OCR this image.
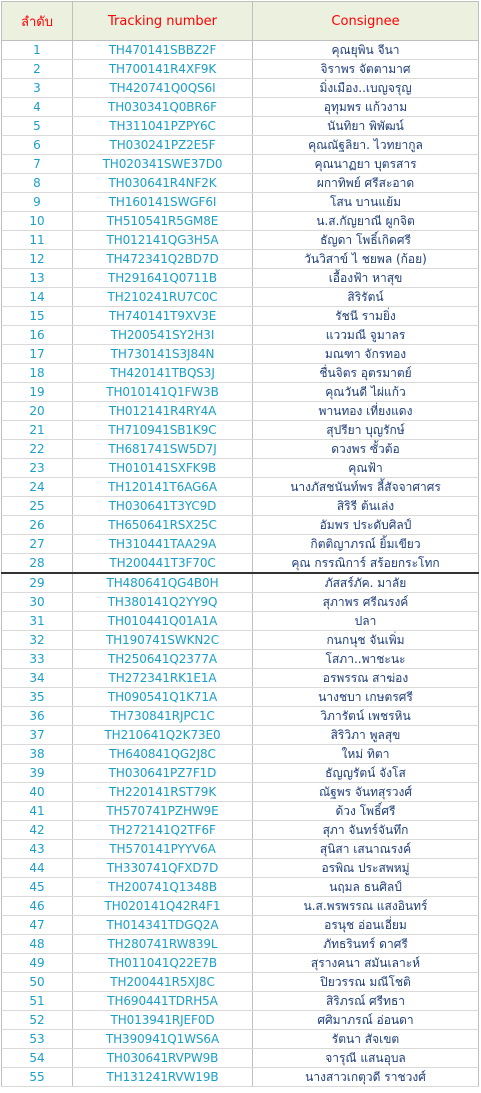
ลำดับ	Tracking number	Consignee
1	TH470141SBBZ2F	คุณยุพิน จีนา
2	TH700141R4XF9K	จิราพร จัตตามาศ
3	TH420741Q0QS6I	มิ่งเมือง..เบญจรุญ
4	TH030341Q0BR6F	อุทุมพร แก้วงาม
5	TH311041PZPY6C	นันทิยา พิพัฒน์
6	TH030241PZ2E5F	คุณณัฐลิยา. ไวทยากูล
7	TH020341SWE37D0	คุณนาฏยา บุตรสาร
8	TH030641R4NF2K	ผกาทิพย์ ศรีสะอาด
9	TH160141SWGF6I	โสน บานแย้ม
10	TH510541R5GM8E	น.ส.กัญยาณี ผูกจิต
11	TH012141QG3H5A	ธัญดา โพธิ์เกิดศรี
12	TH472341Q2BD7D	วันวิสาข์ ไ ชยพล (ก้อย)
13	TH291641Q0711B	เอื้องฟ้า หาสุข
14	TH210241RU7C0C	สิริรัตน์
15	TH740141T9XV3E	รัชนี รามยิ่ง
16	TH200541SY2H3I	แววมณี จูมาลร
17	TH730141S3J84N	มณฑา จักรทอง
18	TH420141TBQS3J	ชื่นจิตร อุตรมาตย์
19	TH010141Q1FW3B	คุณวันดี ไผ่แก้ว
20	TH012141R4RY4A	พานทอง เที่ยงแดง
21	TH710941SB1K9C	สุปรียา บุญรักษ์
22	TH681741SW5D7J	ดวงพร ซั้วต้อ
23	TH010141SXFK9B	คุณฟ้า
24	TH120141T6AG6A	นางภัสชนันท์พร ลี้สัจจาศาศร
25	TH030641T3YC9D	สิริรี ต้นเล่ง
26	TH650641RSX25C	อัมพร ประดับศิลป์
27	TH310441TAA29A	กิตติญาภรณ์ ยิ้มเขียว
28	TH200441T3F70C	คุณ กรรณิการ์ สร้อยกระโทก
29	TH480641QG4B0H	ภัสสร์ภัค. มาลัย
30	TH380141Q2YY9Q	สุภาพร ศรีณรงค์
31	TH010441Q01A1A	ปลา
32	TH190741SWKN2C	กนกนุช จันเพิ่ม
33	TH250641Q2377A	โสภา..พาชะนะ
34	TH272341RK1E1A	อรพรรณ สาฆ่อง
35	TH090541Q1K71A	นางชบา เกษตรศรี
36	TH730841RJPC1C	วิภารัตน์ เพชรหิน
37	TH210641Q2K73E0	สิริวิภา พูลสุข
38	TH640841QG2J8C	ใหม่ ทิตา
39	TH030641PZ7F1D	ธัญญรัตน์ จังโส
40	TH220141RST79K	ณัฐพร จันทสุรวงศ์
41	TH570741PZHW9E	ด้วง โพธิ์ศรี
42	TH272141Q2TF6F	สุภา จันทร์จันทึก
43	TH570141PYYV6A	สุนิสา เสนาณรงค์
44	TH330741QFXD7D	อรพิณ ประสพหมู่
45	TH200741Q1348B	นฤมล ธนศิลป์
46	TH020141Q42R4F1	น.ส.พรพรรณ แสงอินทร์
47	TH014341TDGQ2A	อรนุช อ่อนเอี่ยม
48	TH280741RW839L	ภัทธรินทร์ ดาศรี
49	TH011041Q22E7B	สุรางคนา สมันเลาะห์
50	TH200441R5XJ8C	ปิยวรรณ มณีโชติ
51	TH690441TDRH5A	สิริภรณ์ ศรีทธา
52	TH013941RJEF0D	ศศิมาภรณ์ อ่อนดา
53	TH390941Q1WS6A	รัตนา สัจเขต
54	TH030641RVPW9B	จารุณี แสนอุบล
55	TH131241RVW19B	นางสาวเกตุวดี ราชวงศ์
